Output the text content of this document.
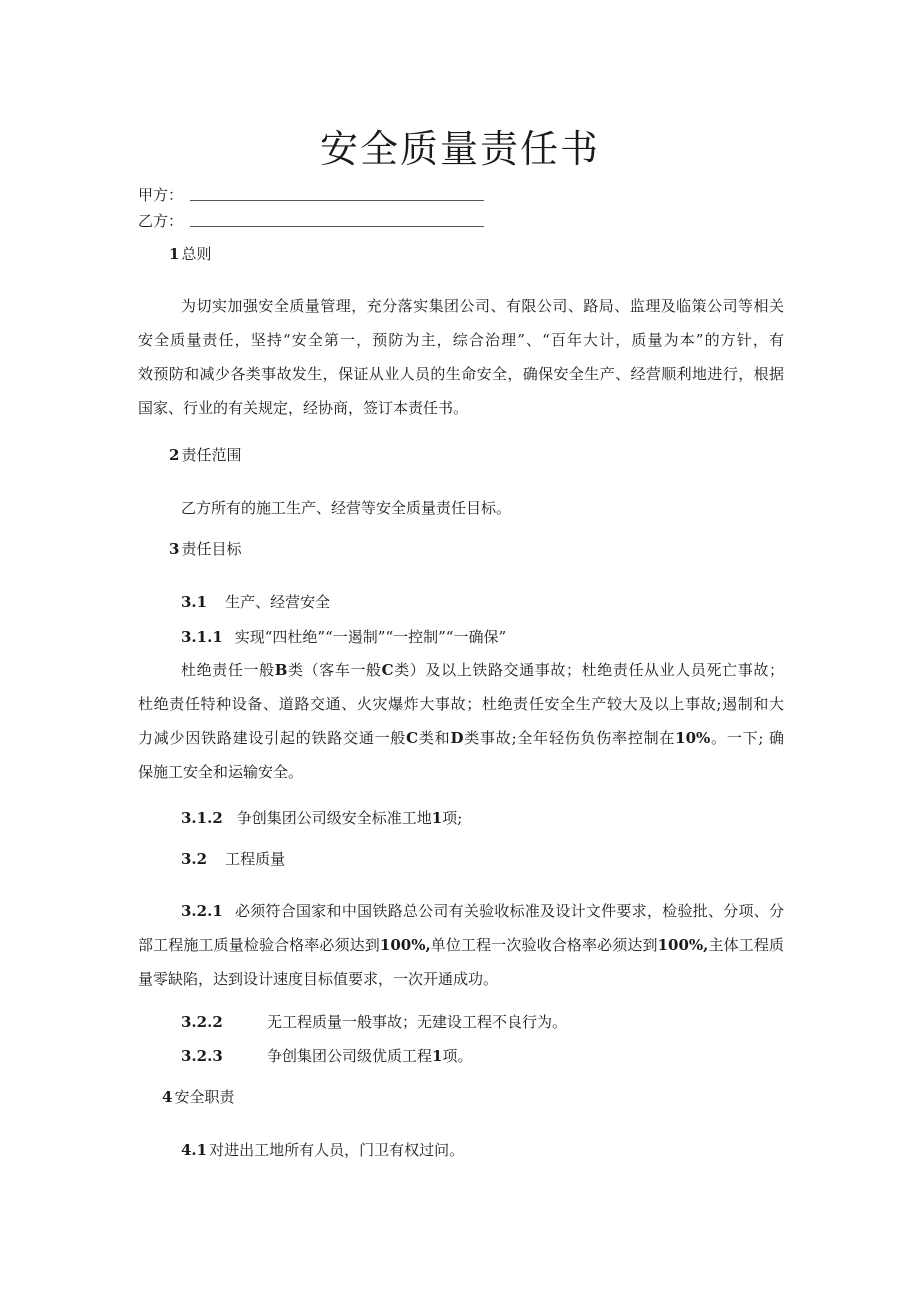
安全质量责任书
甲方：
乙方：
1 总则
为切实加强安全质量管理，充分落实集团公司、有限公司、路局、监理及临策公司等相关
安全质量责任，坚持“安全第一，预防为主，综合治理”、“百年大计，质量为本”的方针，有
效预防和减少各类事故发生，保证从业人员的生命安全，确保安全生产、经营顺利地进行，根据
国家、行业的有关规定，经协商，签订本责任书。
2 责任范围
乙方所有的施工生产、经营等安全质量责任目标。
3 责任目标
3.1 生产、经营安全
3.1.1 实现“四杜绝”“一遏制”“一控制”“一确保”
杜绝责任一般B类（客车一般C类）及以上铁路交通事故；杜绝责任从业人员死亡事故；
杜绝责任特种设备、道路交通、火灾爆炸大事故；杜绝责任安全生产较大及以上事故;遏制和大
力减少因铁路建设引起的铁路交通一般C类和D类事故;全年轻伤负伤率控制在10%。一下; 确
保施工安全和运输安全。
3.1.2 争创集团公司级安全标准工地1项;
3.2 工程质量
3.2.1 必须符合国家和中国铁路总公司有关验收标准及设计文件要求，检验批、分项、分
部工程施工质量检验合格率必须达到100%,单位工程一次验收合格率必须达到100%,主体工程质
量零缺陷，达到设计速度目标值要求，一次开通成功。
3.2.2	无工程质量一般事故；无建设工程不良行为。
3.2.3	争创集团公司级优质工程1项。
4 安全职责
4.1 对进出工地所有人员，门卫有权过问。
